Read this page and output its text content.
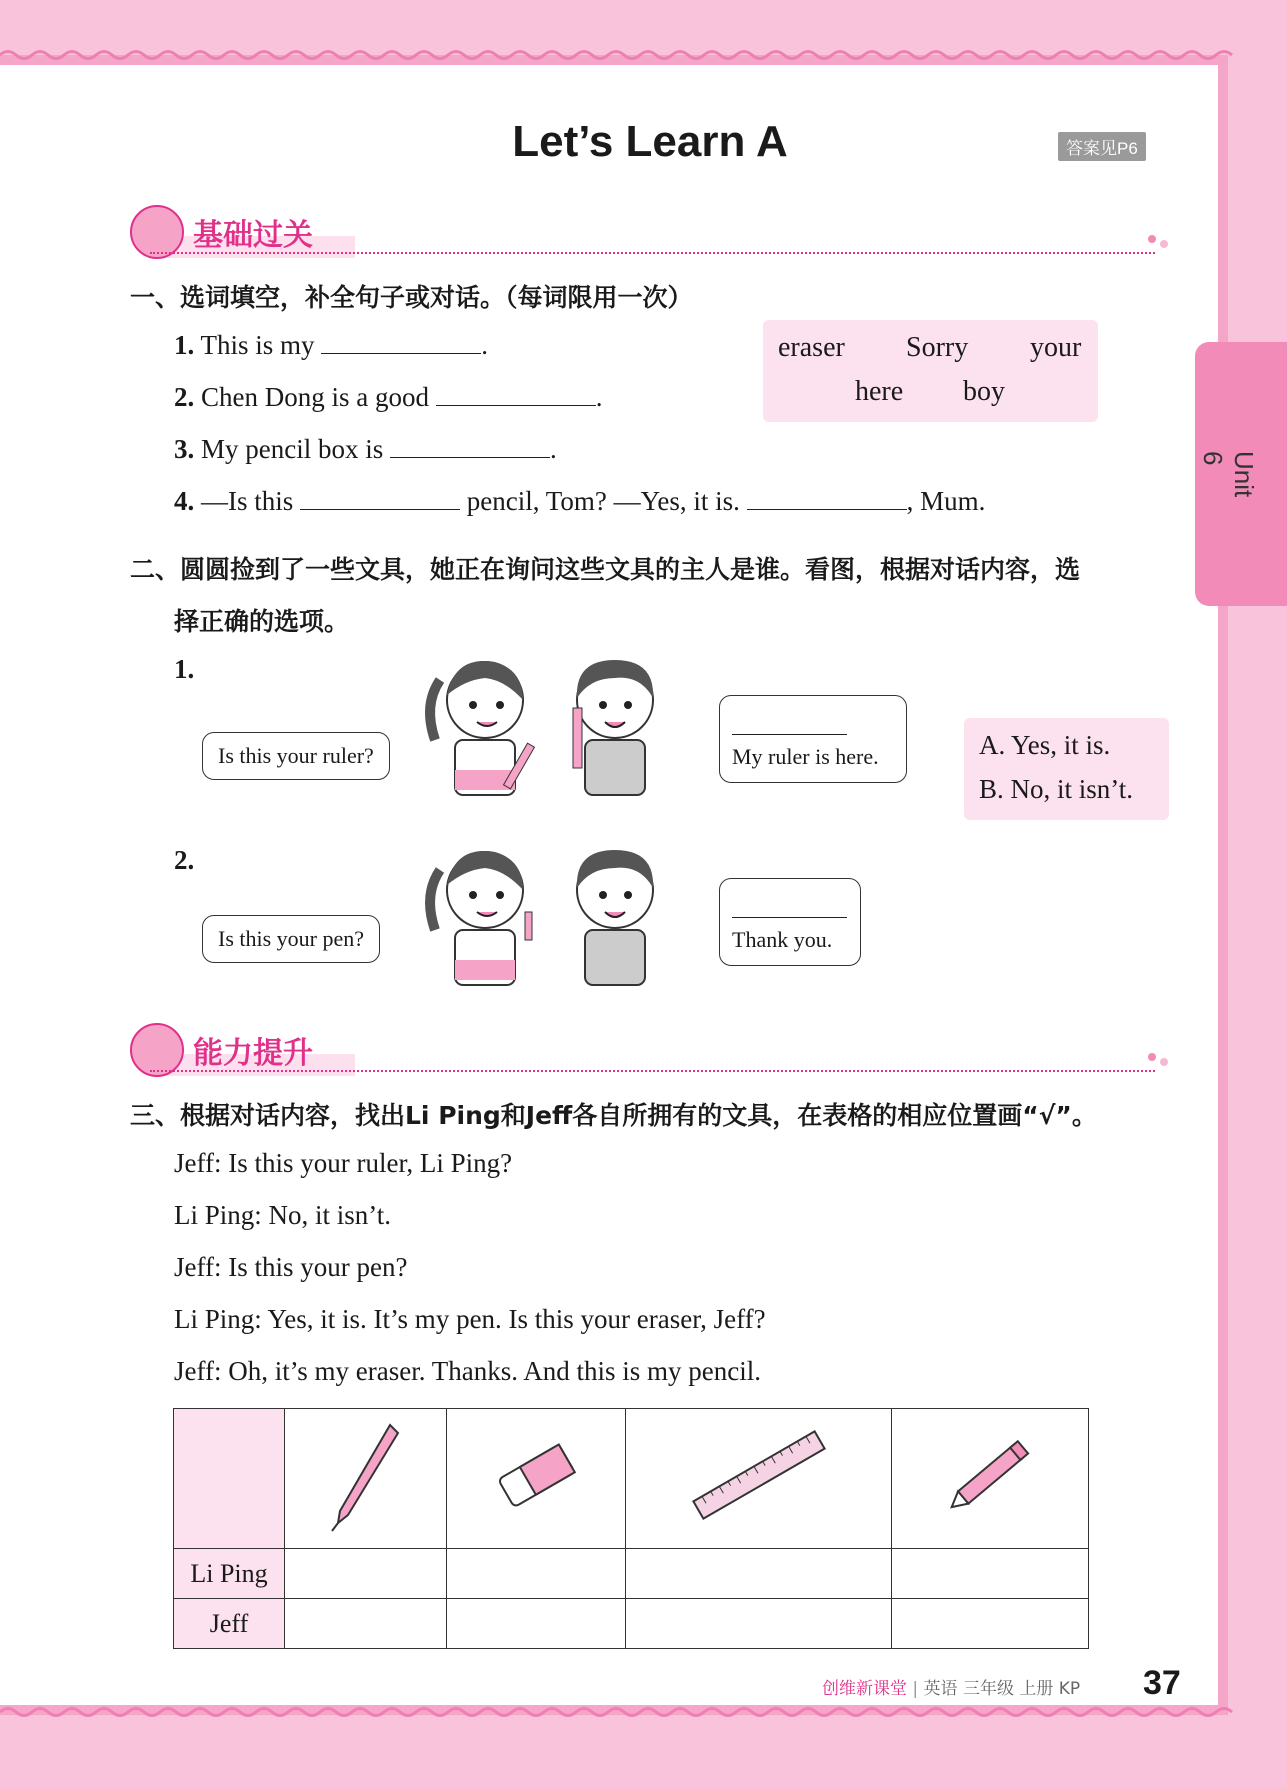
Let’s Learn A	答案见P6
Unit 6
基础过关
一、选词填空，补全句子或对话。（每词限用一次）
1. This is my	.
2. Chen Dong is a good	.
3. My pencil box is	.
4. —Is this	pencil, Tom? —Yes, it is.	, Mum.
eraser Sorry your
here boy
二、圆圆捡到了一些文具，她正在询问这些文具的主人是谁。看图，根据对话内容，选
择正确的选项。
1.
Is this your ruler?	My ruler is here.	A. Yes, it is.
B. No, it isn’t.
2.
Is this your pen?	Thank you.
能力提升
三、根据对话内容，找出Li Ping和Jeff各自所拥有的文具，在表格的相应位置画“√”。
Jeff: Is this your ruler, Li Ping?
Li Ping: No, it isn’t.
Jeff: Is this your pen?
Li Ping: Yes, it is. It’s my pen. Is this your eraser, Jeff?
Jeff: Oh, it’s my eraser. Thanks. And this is my pencil.

Li Ping				
Jeff				
创维新课堂 | 英语 三年级 上册 KP 37
